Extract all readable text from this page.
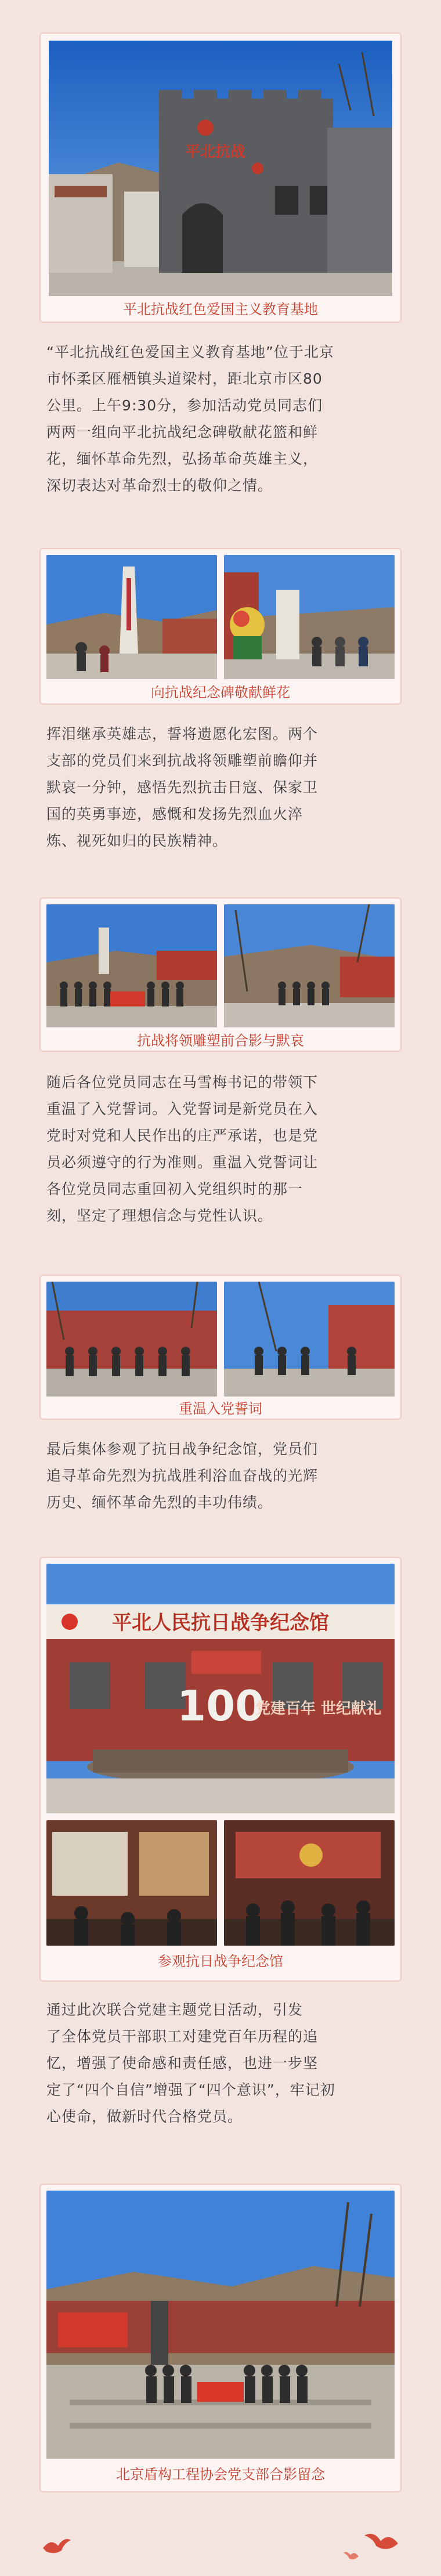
平北抗战
平北抗战红色爱国主义教育基地
“平北抗战红色爱国主义教育基地”位于北京
市怀柔区雁栖镇头道梁村，距北京市区80
公里。上午9:30分，参加活动党员同志们
两两一组向平北抗战纪念碑敬献花篮和鲜
花，缅怀革命先烈，弘扬革命英雄主义，
深切表达对革命烈士的敬仰之情。
向抗战纪念碑敬献鲜花
挥泪继承英雄志，誓将遗愿化宏图。两个
支部的党员们来到抗战将领雕塑前瞻仰并
默哀一分钟，感悟先烈抗击日寇、保家卫
国的英勇事迹，感慨和发扬先烈血火淬
炼、视死如归的民族精神。
抗战将领雕塑前合影与默哀
随后各位党员同志在马雪梅书记的带领下
重温了入党誓词。入党誓词是新党员在入
党时对党和人民作出的庄严承诺，也是党
员必须遵守的行为准则。重温入党誓词让
各位党员同志重回初入党组织时的那一
刻，坚定了理想信念与党性认识。
重温入党誓词
最后集体参观了抗日战争纪念馆，党员们
追寻革命先烈为抗战胜利浴血奋战的光辉
历史、缅怀革命先烈的丰功伟绩。
平北人民抗日战争纪念馆
100
党建百年 世纪献礼
参观抗日战争纪念馆
通过此次联合党建主题党日活动，引发
了全体党员干部职工对建党百年历程的追
忆，增强了使命感和责任感，也进一步坚
定了“四个自信”增强了“四个意识”，牢记初
心使命，做新时代合格党员。
北京盾构工程协会党支部合影留念
